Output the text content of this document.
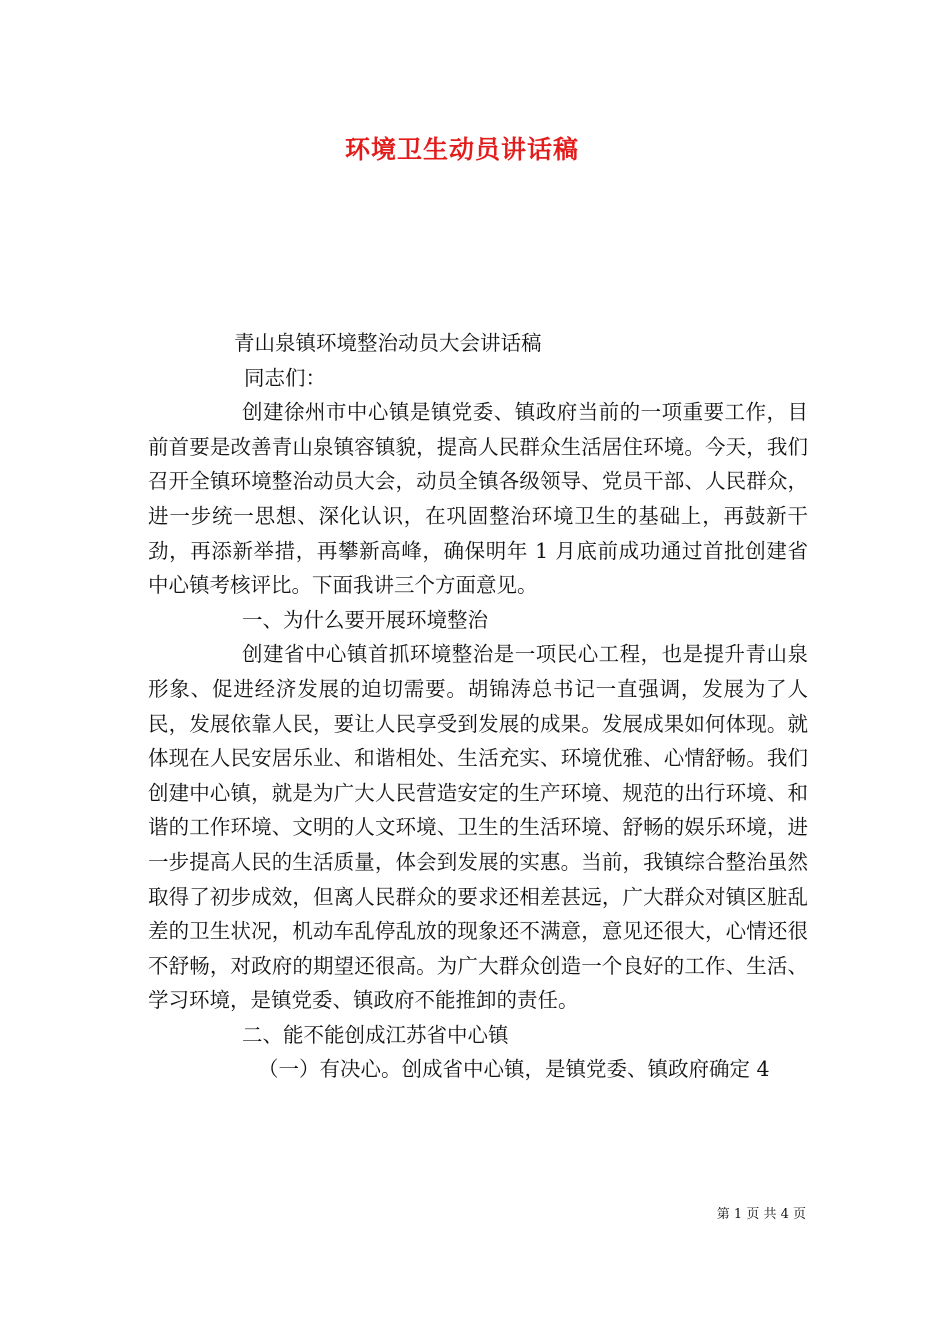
环境卫生动员讲话稿

青山泉镇环境整治动员大会讲话稿

同志们：

创建徐州市中心镇是镇党委、镇政府当前的一项重要工作，目前首要是改善青山泉镇容镇貌，提高人民群众生活居住环境。今天，我们召开全镇环境整治动员大会，动员全镇各级领导、党员干部、人民群众，进一步统一思想、深化认识，在巩固整治环境卫生的基础上，再鼓新干劲，再添新举措，再攀新高峰，确保明年 1 月底前成功通过首批创建省中心镇考核评比。下面我讲三个方面意见。

一、为什么要开展环境整治

创建省中心镇首抓环境整治是一项民心工程，也是提升青山泉形象、促进经济发展的迫切需要。胡锦涛总书记一直强调，发展为了人民，发展依靠人民，要让人民享受到发展的成果。发展成果如何体现。就体现在人民安居乐业、和谐相处、生活充实、环境优雅、心情舒畅。我们创建中心镇，就是为广大人民营造安定的生产环境、规范的出行环境、和谐的工作环境、文明的人文环境、卫生的生活环境、舒畅的娱乐环境，进一步提高人民的生活质量，体会到发展的实惠。当前，我镇综合整治虽然取得了初步成效，但离人民群众的要求还相差甚远，广大群众对镇区脏乱差的卫生状况，机动车乱停乱放的现象还不满意，意见还很大，心情还很不舒畅，对政府的期望还很高。为广大群众创造一个良好的工作、生活、学习环境，是镇党委、镇政府不能推卸的责任。

二、能不能创成江苏省中心镇

（一）有决心。创成省中心镇，是镇党委、镇政府确定 4

第 1 页 共 4 页
